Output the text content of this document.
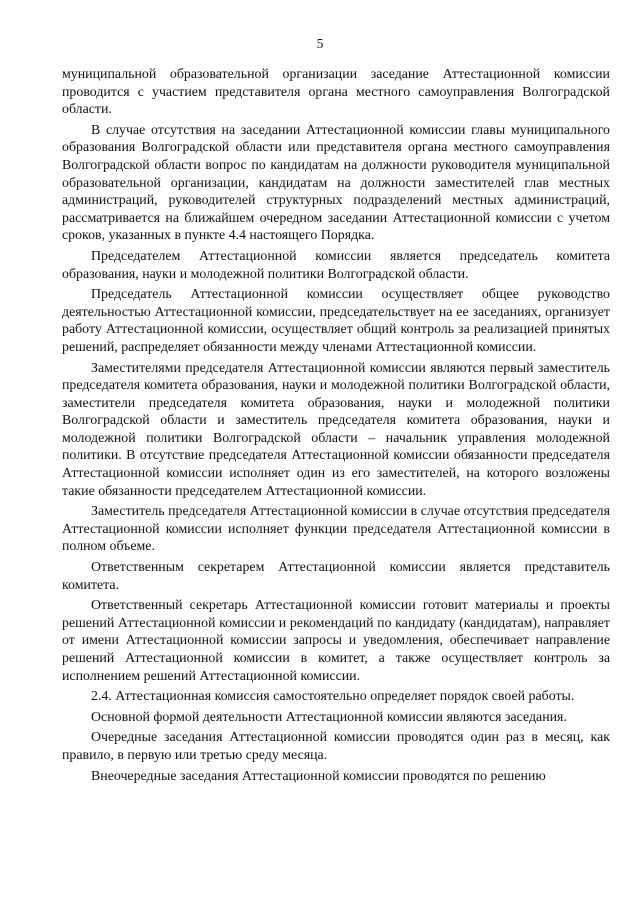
5

муниципальной образовательной организации заседание Аттестационной комиссии проводится с участием представителя органа местного самоуправления Волгоградской области.

В случае отсутствия на заседании Аттестационной комиссии главы муниципального образования Волгоградской области или представителя органа местного самоуправления Волгоградской области вопрос по кандидатам на должности руководителя муниципальной образовательной организации, кандидатам на должности заместителей глав местных администраций, руководителей структурных подразделений местных администраций, рассматривается на ближайшем очередном заседании Аттестационной комиссии с учетом сроков, указанных в пункте 4.4 настоящего Порядка.

Председателем Аттестационной комиссии является председатель комитета образования, науки и молодежной политики Волгоградской области.

Председатель Аттестационной комиссии осуществляет общее руководство деятельностью Аттестационной комиссии, председательствует на ее заседаниях, организует работу Аттестационной комиссии, осуществляет общий контроль за реализацией принятых решений, распределяет обязанности между членами Аттестационной комиссии.

Заместителями председателя Аттестационной комиссии являются первый заместитель председателя комитета образования, науки и молодежной политики Волгоградской области, заместители председателя комитета образования, науки и молодежной политики Волгоградской области и заместитель председателя комитета образования, науки и молодежной политики Волгоградской области – начальник управления молодежной политики. В отсутствие председателя Аттестационной комиссии обязанности председателя Аттестационной комиссии исполняет один из его заместителей, на которого возложены такие обязанности председателем Аттестационной комиссии.

Заместитель председателя Аттестационной комиссии в случае отсутствия председателя Аттестационной комиссии исполняет функции председателя Аттестационной комиссии в полном объеме.

Ответственным секретарем Аттестационной комиссии является представитель комитета.

Ответственный секретарь Аттестационной комиссии готовит материалы и проекты решений Аттестационной комиссии и рекомендаций по кандидату (кандидатам), направляет от имени Аттестационной комиссии запросы и уведомления, обеспечивает направление решений Аттестационной комиссии в комитет, а также осуществляет контроль за исполнением решений Аттестационной комиссии.

2.4. Аттестационная комиссия самостоятельно определяет порядок своей работы.

Основной формой деятельности Аттестационной комиссии являются заседания.

Очередные заседания Аттестационной комиссии проводятся один раз в месяц, как правило, в первую или третью среду месяца.

Внеочередные заседания Аттестационной комиссии проводятся по решению
